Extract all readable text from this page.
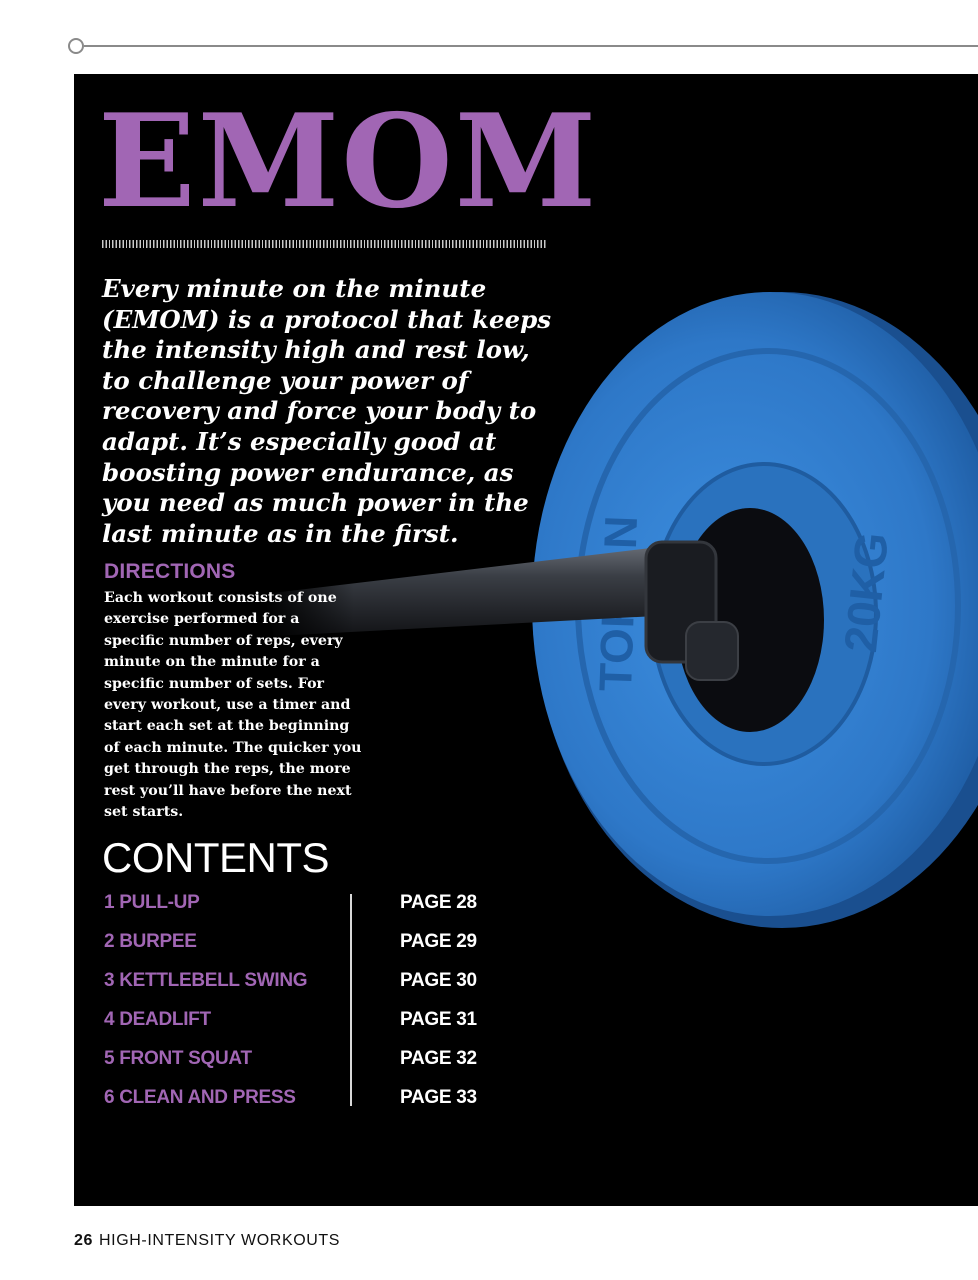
20KG
EMOM

Every minute on the minute (EMOM) is a protocol that keeps the intensity high and rest low, to challenge your power of recovery and force your body to adapt. It’s especially good at boosting power endurance, as you need as much power in the last minute as in the first.

DIRECTIONS

Each workout consists of one exercise performed for a specific number of reps, every minute on the minute for a specific number of sets. For every workout, use a timer and start each set at the beginning of each minute. The quicker you get through the reps, the more rest you’ll have before the next set starts.

CONTENTS
1 PULL-UP	PAGE 28
2 BURPEE	PAGE 29
3 KETTLEBELL SWING	PAGE 30
4 DEADLIFT	PAGE 31
5 FRONT SQUAT	PAGE 32
6 CLEAN AND PRESS	PAGE 33

26 HIGH-INTENSITY WORKOUTS
